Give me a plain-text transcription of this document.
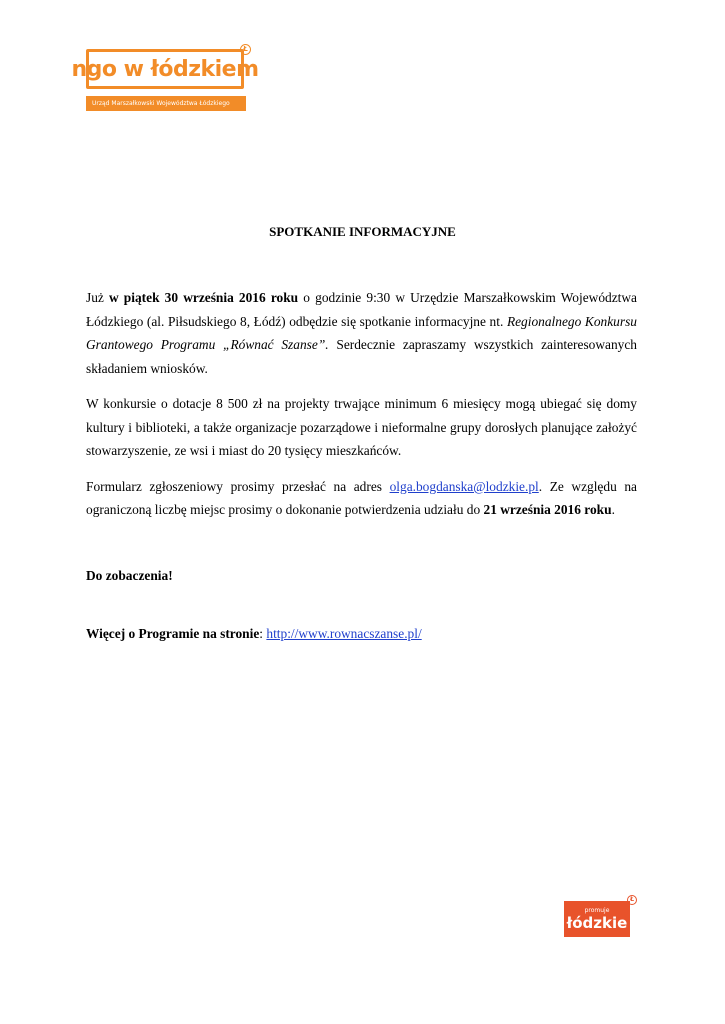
ngo w łódzkiem
Ł
Urząd Marszałkowski Województwa Łódzkiego
SPOTKANIE INFORMACYJNE

Już w piątek 30 września 2016 roku o godzinie 9:30 w Urzędzie Marszałkowskim Województwa Łódzkiego (al. Piłsudskiego 8, Łódź) odbędzie się spotkanie informacyjne nt. Regionalnego Konkursu Grantowego Programu „Równać Szanse”. Serdecznie zapraszamy wszystkich zainteresowanych składaniem wniosków.

W konkursie o dotacje 8 500 zł na projekty trwające minimum 6 miesięcy mogą ubiegać się domy kultury i biblioteki, a także organizacje pozarządowe i nieformalne grupy dorosłych planujące założyć stowarzyszenie, ze wsi i miast do 20 tysięcy mieszkańców.

Formularz zgłoszeniowy prosimy przesłać na adres olga.bogdanska@lodzkie.pl. Ze względu na ograniczoną liczbę miejsc prosimy o dokonanie potwierdzenia udziału do 21 września 2016 roku.

Do zobaczenia!
Więcej o Programie na stronie: http://www.rownacszanse.pl/
promuje
łódzkie
Ł
